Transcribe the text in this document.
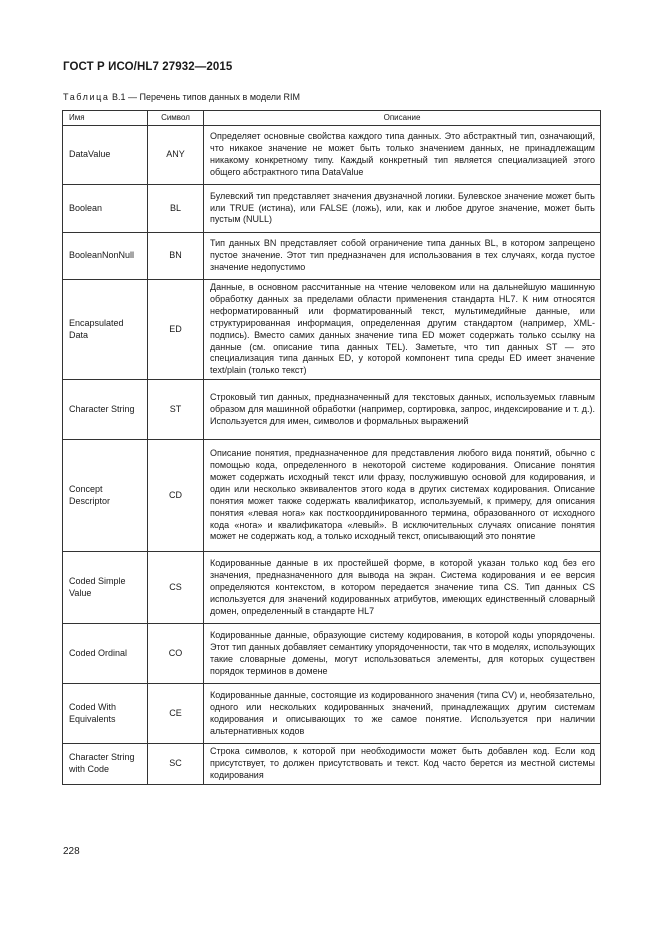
ГОСТ Р ИСО/HL7 27932—2015
Таблица В.1 — Перечень типов данных в модели RIM
Имя	Символ	Описание
DataValue	ANY	Определяет основные свойства каждого типа данных. Это абстрактный тип, означающий, что никакое значение не может быть только значением данных, не принадлежащим никакому конкретному типу. Каждый конкретный тип является специализацией этого общего абстрактного типа DataValue
Boolean	BL	Булевский тип представляет значения двузначной логики. Булевское значение может быть или TRUE (истина), или FALSE (ложь), или, как и любое другое значение, может быть пустым (NULL)
BooleanNonNull	BN	Тип данных BN представляет собой ограничение типа данных BL, в котором запрещено пустое значение. Этот тип предназначен для использования в тех случаях, когда пустое значение недопустимо
Encapsulated Data	ED	Данные, в основном рассчитанные на чтение человеком или на дальнейшую машинную обработку данных за пределами области применения стандарта HL7. К ним относятся неформатированный или форматированный текст, мультимедийные данные, или структурированная информация, определенная другим стандартом (например, XML-подпись). Вместо самих данных значение типа ED может содержать только ссылку на данные (см. описание типа данных TEL). Заметьте, что тип данных ST — это специализация типа данных ED, у которой компонент типа среды ED имеет значение text/plain (только текст)
Character String	ST	Строковый тип данных, предназначенный для текстовых данных, используемых главным образом для машинной обработки (например, сортировка, запрос, индексирование и т. д.). Используется для имен, символов и формальных выражений
Concept Descriptor	CD	Описание понятия, предназначенное для представления любого вида понятий, обычно с помощью кода, определенного в некоторой системе кодирования. Описание понятия может содержать исходный текст или фразу, послужившую основой для кодирования, и один или несколько эквивалентов этого кода в других системах кодирования. Описание понятия может также содержать квалификатор, используемый, к примеру, для описания понятия «левая нога» как посткоординированного термина, образованного от исходного кода «нога» и квалификатора «левый». В исключительных случаях описание понятия может не содержать код, а только исходный текст, описывающий это понятие
Coded Simple Value	CS	Кодированные данные в их простейшей форме, в которой указан только код без его значения, предназначенного для вывода на экран. Система кодирования и ее версия определяются контекстом, в котором передается значение типа CS. Тип данных CS используется для значений кодированных атрибутов, имеющих единственный словарный домен, определенный в стандарте HL7
Coded Ordinal	CO	Кодированные данные, образующие систему кодирования, в которой коды упорядочены. Этот тип данных добавляет семантику упорядоченности, так что в моделях, использующих такие словарные домены, могут использоваться элементы, для которых существен порядок терминов в домене
Coded With Equivalents	CE	Кодированные данные, состоящие из кодированного значения (типа CV) и, необязательно, одного или нескольких кодированных значений, принадлежащих другим системам кодирования и описывающих то же самое понятие. Используется при наличии альтернативных кодов
Character String with Code	SC	Строка символов, к которой при необходимости может быть добавлен код. Если код присутствует, то должен присутствовать и текст. Код часто берется из местной системы кодирования
228
